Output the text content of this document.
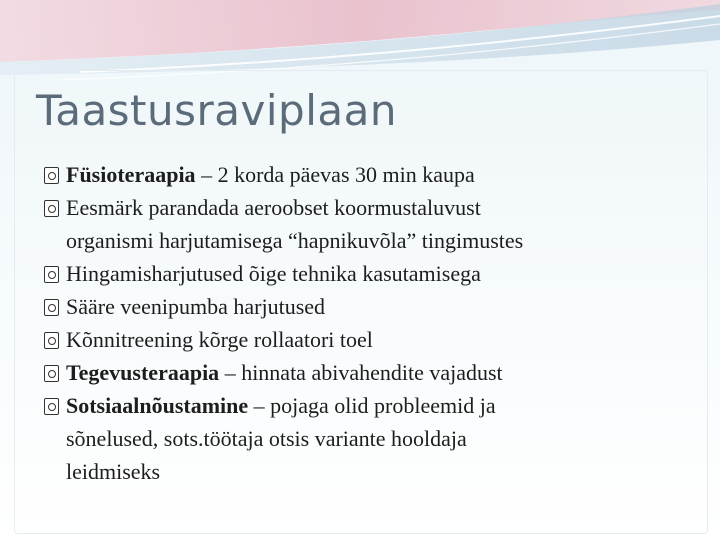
Taastusraviplaan
Füsioteraapia – 2 korda päevas 30 min kaupa
Eesmärk parandada aeroobset koormustaluvust
organismi harjutamisega “hapnikuvõla” tingimustes
Hingamisharjutused õige tehnika kasutamisega
Sääre veenipumba harjutused
Kõnnitreening kõrge rollaatori toel
Tegevusteraapia – hinnata abivahendite vajadust
Sotsiaalnõustamine – pojaga olid probleemid ja
sõnelused, sots.töötaja otsis variante hooldaja
leidmiseks
